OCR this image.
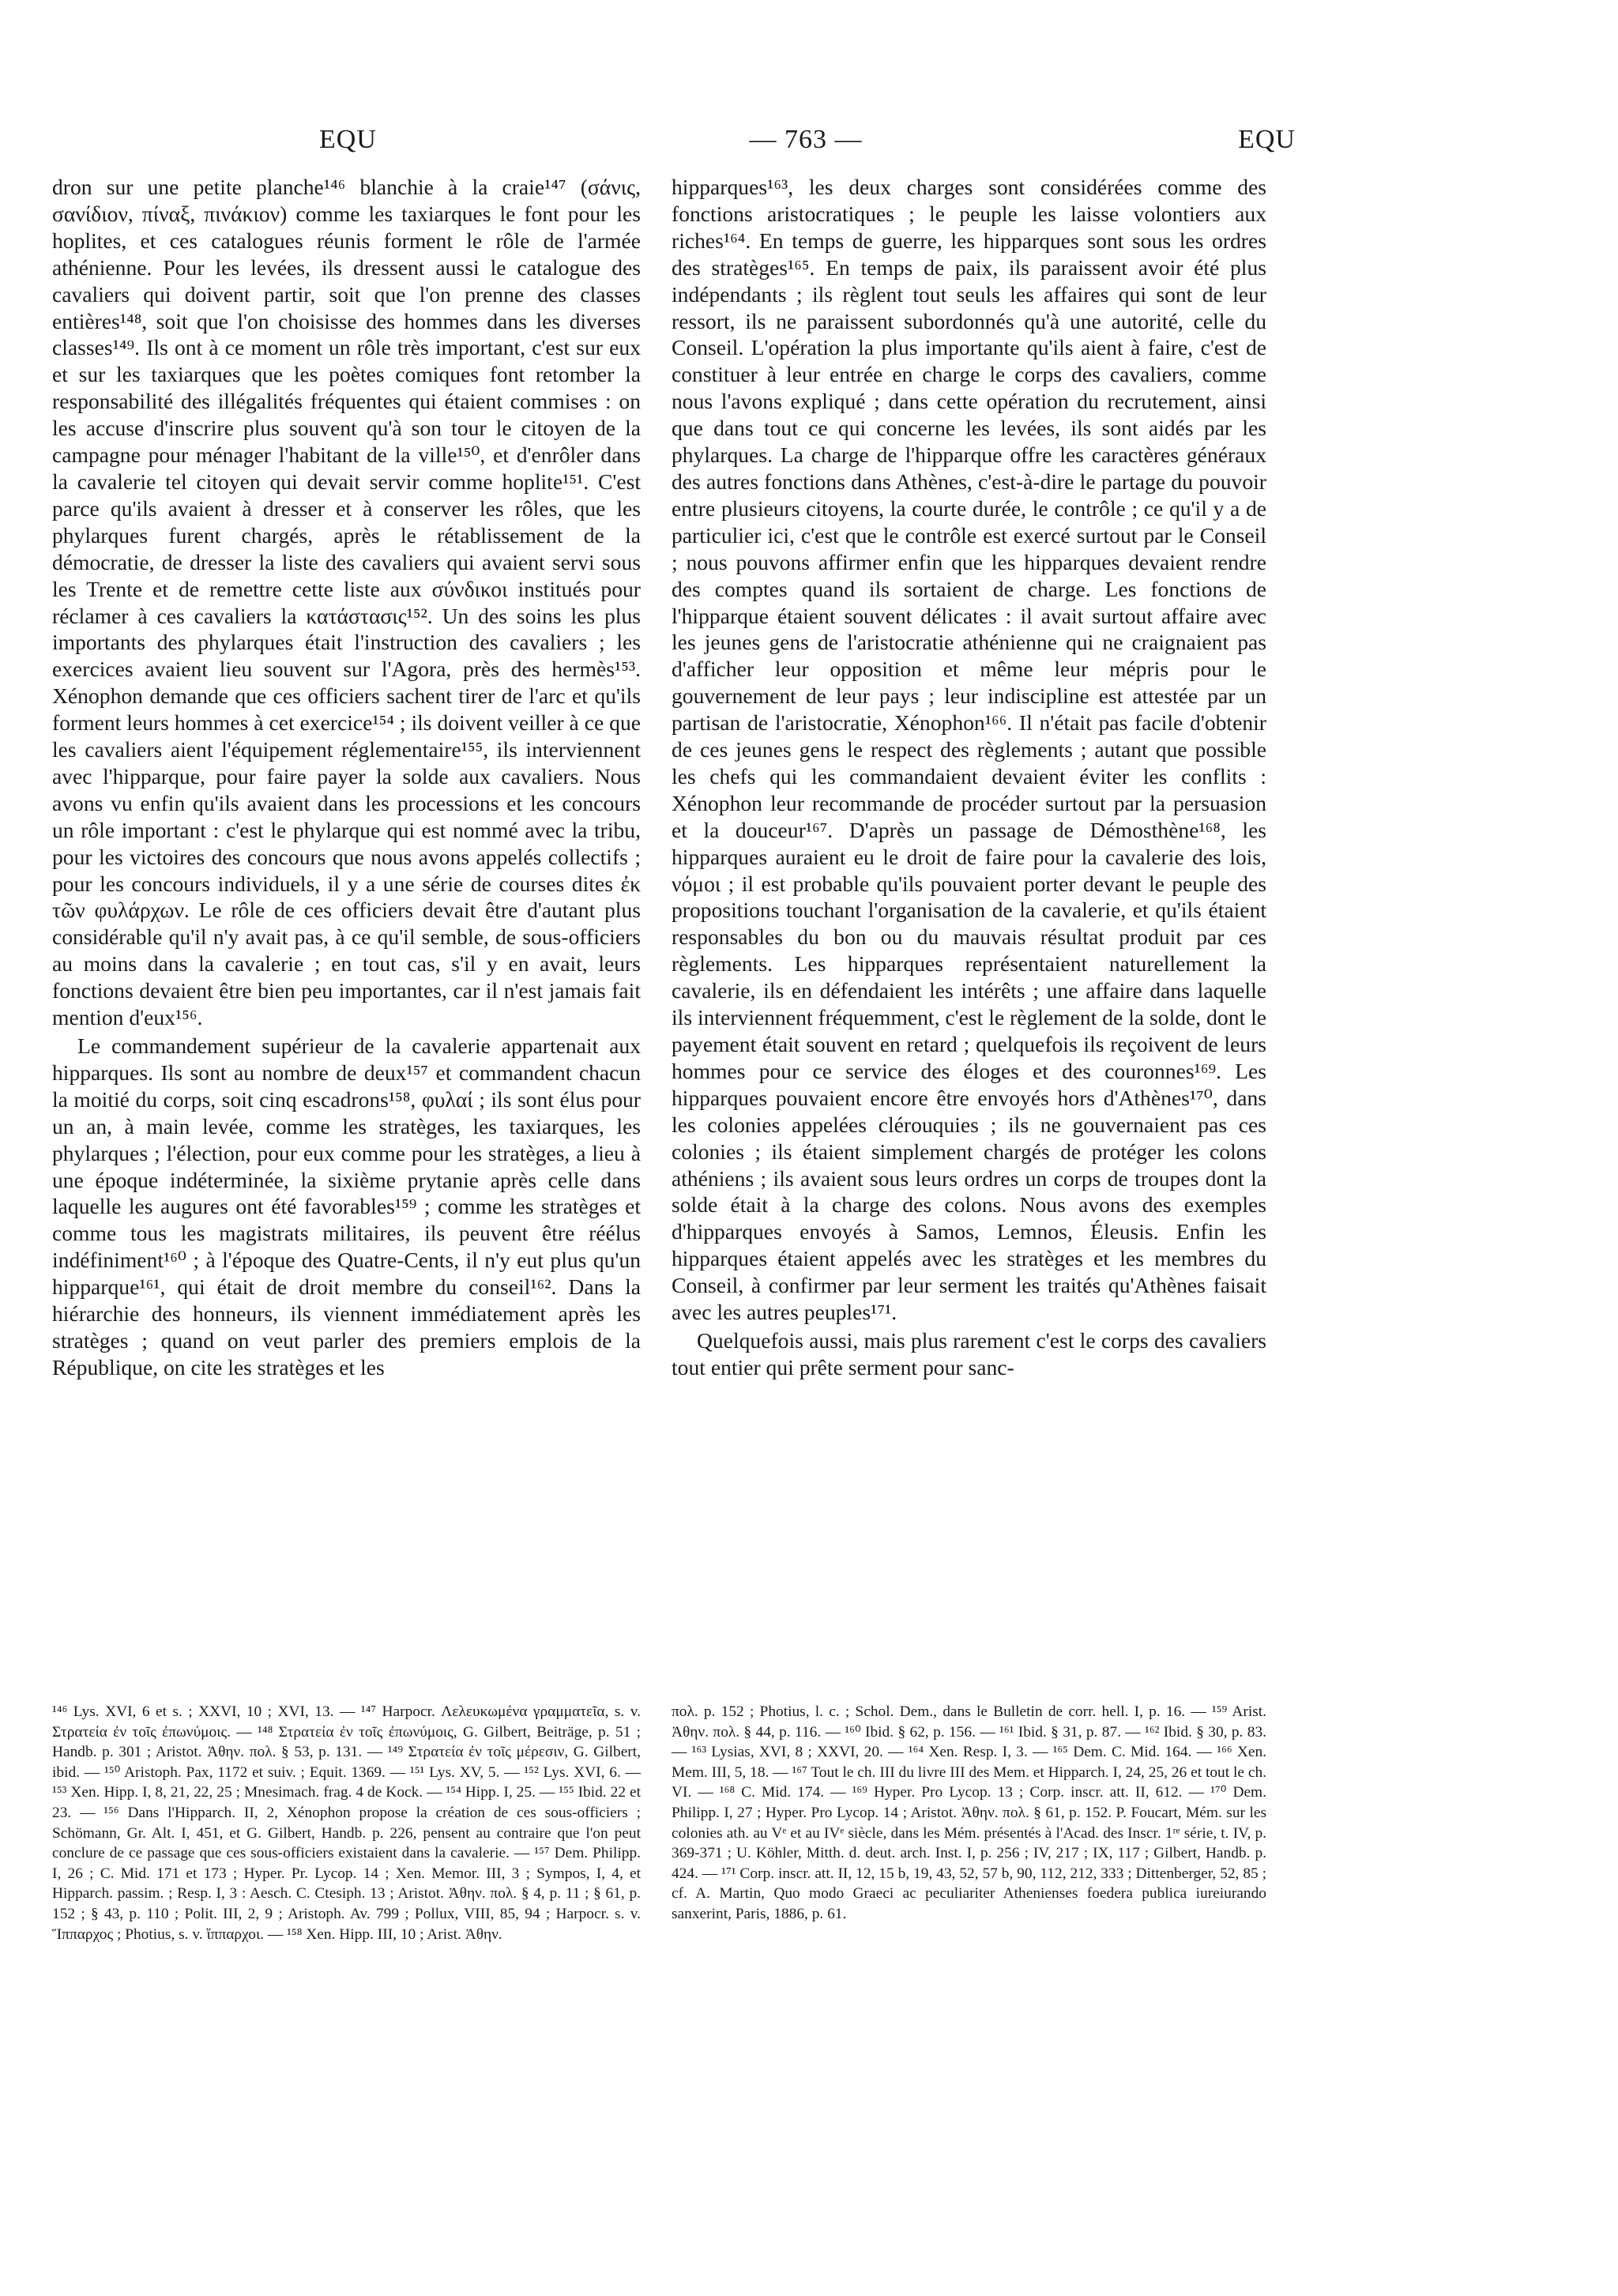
EQU	— 763 —	EQU

dron sur une petite planche¹⁴⁶ blanchie à la craie¹⁴⁷ (σάνις, σανίδιον, πίναξ, πινάκιον) comme les taxiarques le font pour les hoplites, et ces catalogues réunis forment le rôle de l'armée athénienne. Pour les levées, ils dressent aussi le catalogue des cavaliers qui doivent partir, soit que l'on prenne des classes entières¹⁴⁸, soit que l'on choisisse des hommes dans les diverses classes¹⁴⁹. Ils ont à ce moment un rôle très important, c'est sur eux et sur les taxiarques que les poètes comiques font retomber la responsabilité des illégalités fréquentes qui étaient commises : on les accuse d'inscrire plus souvent qu'à son tour le citoyen de la campagne pour ménager l'habitant de la ville¹⁵⁰, et d'enrôler dans la cavalerie tel citoyen qui devait servir comme hoplite¹⁵¹. C'est parce qu'ils avaient à dresser et à conserver les rôles, que les phylarques furent chargés, après le rétablissement de la démocratie, de dresser la liste des cavaliers qui avaient servi sous les Trente et de remettre cette liste aux σύνδικοι institués pour réclamer à ces cavaliers la κατάστασις¹⁵². Un des soins les plus importants des phylarques était l'instruction des cavaliers ; les exercices avaient lieu souvent sur l'Agora, près des hermès¹⁵³. Xénophon demande que ces officiers sachent tirer de l'arc et qu'ils forment leurs hommes à cet exercice¹⁵⁴ ; ils doivent veiller à ce que les cavaliers aient l'équipement réglementaire¹⁵⁵, ils interviennent avec l'hipparque, pour faire payer la solde aux cavaliers. Nous avons vu enfin qu'ils avaient dans les processions et les concours un rôle important : c'est le phylarque qui est nommé avec la tribu, pour les victoires des concours que nous avons appelés collectifs ; pour les concours individuels, il y a une série de courses dites ἐκ τῶν φυλάρχων. Le rôle de ces officiers devait être d'autant plus considérable qu'il n'y avait pas, à ce qu'il semble, de sous-officiers au moins dans la cavalerie ; en tout cas, s'il y en avait, leurs fonctions devaient être bien peu importantes, car il n'est jamais fait mention d'eux¹⁵⁶.

Le commandement supérieur de la cavalerie appartenait aux hipparques. Ils sont au nombre de deux¹⁵⁷ et commandent chacun la moitié du corps, soit cinq escadrons¹⁵⁸, φυλαί ; ils sont élus pour un an, à main levée, comme les stratèges, les taxiarques, les phylarques ; l'élection, pour eux comme pour les stratèges, a lieu à une époque indéterminée, la sixième prytanie après celle dans laquelle les augures ont été favorables¹⁵⁹ ; comme les stratèges et comme tous les magistrats militaires, ils peuvent être réélus indéfiniment¹⁶⁰ ; à l'époque des Quatre-Cents, il n'y eut plus qu'un hipparque¹⁶¹, qui était de droit membre du conseil¹⁶². Dans la hiérarchie des honneurs, ils viennent immédiatement après les stratèges ; quand on veut parler des premiers emplois de la République, on cite les stratèges et les

hipparques¹⁶³, les deux charges sont considérées comme des fonctions aristocratiques ; le peuple les laisse volontiers aux riches¹⁶⁴. En temps de guerre, les hipparques sont sous les ordres des stratèges¹⁶⁵. En temps de paix, ils paraissent avoir été plus indépendants ; ils règlent tout seuls les affaires qui sont de leur ressort, ils ne paraissent subordonnés qu'à une autorité, celle du Conseil. L'opération la plus importante qu'ils aient à faire, c'est de constituer à leur entrée en charge le corps des cavaliers, comme nous l'avons expliqué ; dans cette opération du recrutement, ainsi que dans tout ce qui concerne les levées, ils sont aidés par les phylarques. La charge de l'hipparque offre les caractères généraux des autres fonctions dans Athènes, c'est-à-dire le partage du pouvoir entre plusieurs citoyens, la courte durée, le contrôle ; ce qu'il y a de particulier ici, c'est que le contrôle est exercé surtout par le Conseil ; nous pouvons affirmer enfin que les hipparques devaient rendre des comptes quand ils sortaient de charge. Les fonctions de l'hipparque étaient souvent délicates : il avait surtout affaire avec les jeunes gens de l'aristocratie athénienne qui ne craignaient pas d'afficher leur opposition et même leur mépris pour le gouvernement de leur pays ; leur indiscipline est attestée par un partisan de l'aristocratie, Xénophon¹⁶⁶. Il n'était pas facile d'obtenir de ces jeunes gens le respect des règlements ; autant que possible les chefs qui les commandaient devaient éviter les conflits : Xénophon leur recommande de procéder surtout par la persuasion et la douceur¹⁶⁷. D'après un passage de Démosthène¹⁶⁸, les hipparques auraient eu le droit de faire pour la cavalerie des lois, νόμοι ; il est probable qu'ils pouvaient porter devant le peuple des propositions touchant l'organisation de la cavalerie, et qu'ils étaient responsables du bon ou du mauvais résultat produit par ces règlements. Les hipparques représentaient naturellement la cavalerie, ils en défendaient les intérêts ; une affaire dans laquelle ils interviennent fréquemment, c'est le règlement de la solde, dont le payement était souvent en retard ; quelquefois ils reçoivent de leurs hommes pour ce service des éloges et des couronnes¹⁶⁹. Les hipparques pouvaient encore être envoyés hors d'Athènes¹⁷⁰, dans les colonies appelées clérouquies ; ils ne gouvernaient pas ces colonies ; ils étaient simplement chargés de protéger les colons athéniens ; ils avaient sous leurs ordres un corps de troupes dont la solde était à la charge des colons. Nous avons des exemples d'hipparques envoyés à Samos, Lemnos, Éleusis. Enfin les hipparques étaient appelés avec les stratèges et les membres du Conseil, à confirmer par leur serment les traités qu'Athènes faisait avec les autres peuples¹⁷¹.

Quelquefois aussi, mais plus rarement c'est le corps des cavaliers tout entier qui prête serment pour sanc-

¹⁴⁶ Lys. XVI, 6 et s. ; XXVI, 10 ; XVI, 13. — ¹⁴⁷ Harpocr. Λελευκωμένα γραμματεῖα, s. v. Στρατεία ἐν τοῖς ἐπωνύμοις. — ¹⁴⁸ Στρατεία ἐν τοῖς ἐπωνύμοις, G. Gilbert, Beiträge, p. 51 ; Handb. p. 301 ; Aristot. Ἀθην. πολ. § 53, p. 131. — ¹⁴⁹ Στρατεία ἐν τοῖς μέρεσιν, G. Gilbert, ibid. — ¹⁵⁰ Aristoph. Pax, 1172 et suiv. ; Equit. 1369. — ¹⁵¹ Lys. XV, 5. — ¹⁵² Lys. XVI, 6. — ¹⁵³ Xen. Hipp. I, 8, 21, 22, 25 ; Mnesimach. frag. 4 de Kock. — ¹⁵⁴ Hipp. I, 25. — ¹⁵⁵ Ibid. 22 et 23. — ¹⁵⁶ Dans l'Hipparch. II, 2, Xénophon propose la création de ces sous-officiers ; Schömann, Gr. Alt. I, 451, et G. Gilbert, Handb. p. 226, pensent au contraire que l'on peut conclure de ce passage que ces sous-officiers existaient dans la cavalerie. — ¹⁵⁷ Dem. Philipp. I, 26 ; C. Mid. 171 et 173 ; Hyper. Pr. Lycop. 14 ; Xen. Memor. III, 3 ; Sympos, I, 4, et Hipparch. passim. ; Resp. I, 3 : Aesch. C. Ctesiph. 13 ; Aristot. Ἀθην. πολ. § 4, p. 11 ; § 61, p. 152 ; § 43, p. 110 ; Polit. III, 2, 9 ; Aristoph. Av. 799 ; Pollux, VIII, 85, 94 ; Harpocr. s. v. Ἵππαρχος ; Photius, s. v. ἵππαρχοι. — ¹⁵⁸ Xen. Hipp. III, 10 ; Arist. Ἀθην.
πολ. p. 152 ; Photius, l. c. ; Schol. Dem., dans le Bulletin de corr. hell. I, p. 16. — ¹⁵⁹ Arist. Ἀθην. πολ. § 44, p. 116. — ¹⁶⁰ Ibid. § 62, p. 156. — ¹⁶¹ Ibid. § 31, p. 87. — ¹⁶² Ibid. § 30, p. 83. — ¹⁶³ Lysias, XVI, 8 ; XXVI, 20. — ¹⁶⁴ Xen. Resp. I, 3. — ¹⁶⁵ Dem. C. Mid. 164. — ¹⁶⁶ Xen. Mem. III, 5, 18. — ¹⁶⁷ Tout le ch. III du livre III des Mem. et Hipparch. I, 24, 25, 26 et tout le ch. VI. — ¹⁶⁸ C. Mid. 174. — ¹⁶⁹ Hyper. Pro Lycop. 13 ; Corp. inscr. att. II, 612. — ¹⁷⁰ Dem. Philipp. I, 27 ; Hyper. Pro Lycop. 14 ; Aristot. Ἀθην. πολ. § 61, p. 152. P. Foucart, Mém. sur les colonies ath. au Vᵉ et au IVᵉ siècle, dans les Mém. présentés à l'Acad. des Inscr. 1ʳᵉ série, t. IV, p. 369-371 ; U. Köhler, Mitth. d. deut. arch. Inst. I, p. 256 ; IV, 217 ; IX, 117 ; Gilbert, Handb. p. 424. — ¹⁷¹ Corp. inscr. att. II, 12, 15 b, 19, 43, 52, 57 b, 90, 112, 212, 333 ; Dittenberger, 52, 85 ; cf. A. Martin, Quo modo Graeci ac peculiariter Athenienses foedera publica iureiurando sanxerint, Paris, 1886, p. 61.
